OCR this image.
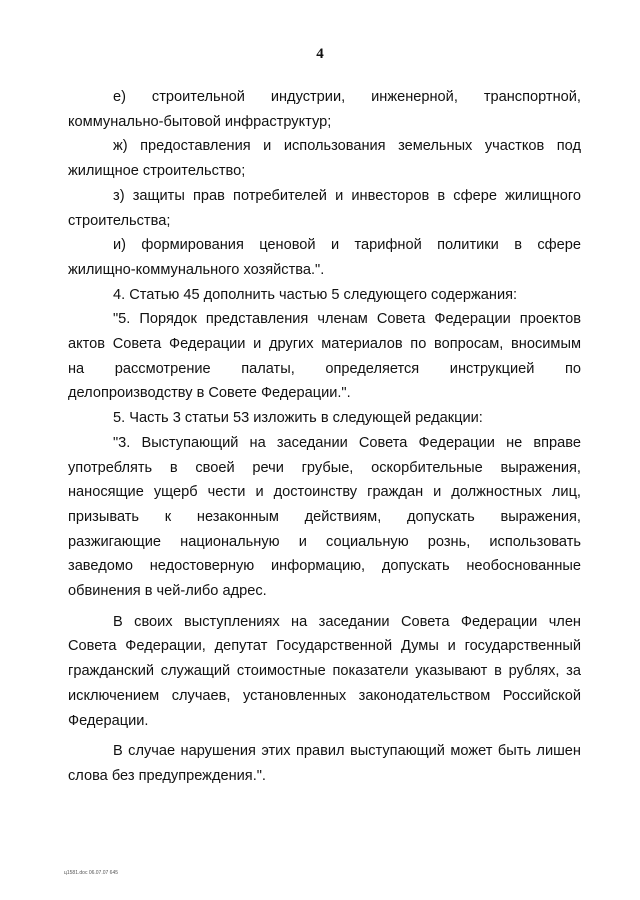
4

е) строительной индустрии, инженерной, транспортной,

коммунально-бытовой инфраструктур;

ж) предоставления и использования земельных участков под

жилищное строительство;

з) защиты прав потребителей и инвесторов в сфере жилищного

строительства;

и) формирования ценовой и тарифной политики в сфере

жилищно-коммунального хозяйства.".

4. Статью 45 дополнить частью 5 следующего содержания:

"5. Порядок представления членам Совета Федерации проектов

актов Совета Федерации и других материалов по вопросам, вносимым

на рассмотрение палаты, определяется инструкцией по

делопроизводству в Совете Федерации.".

5. Часть 3 статьи 53 изложить в следующей редакции:

"3. Выступающий на заседании Совета Федерации не вправе

употреблять в своей речи грубые, оскорбительные выражения,

наносящие ущерб чести и достоинству граждан и должностных лиц,

призывать к незаконным действиям, допускать выражения,

разжигающие национальную и социальную рознь, использовать

заведомо недостоверную информацию, допускать необоснованные

обвинения в чей-либо адрес.

В своих выступлениях на заседании Совета Федерации член

Совета Федерации, депутат Государственной Думы и государственный

гражданский служащий стоимостные показатели указывают в рублях, за

исключением случаев, установленных законодательством Российской

Федерации.

В случае нарушения этих правил выступающий может быть лишен

слова без предупреждения.".

ц1581.doc 06.07.07 645
